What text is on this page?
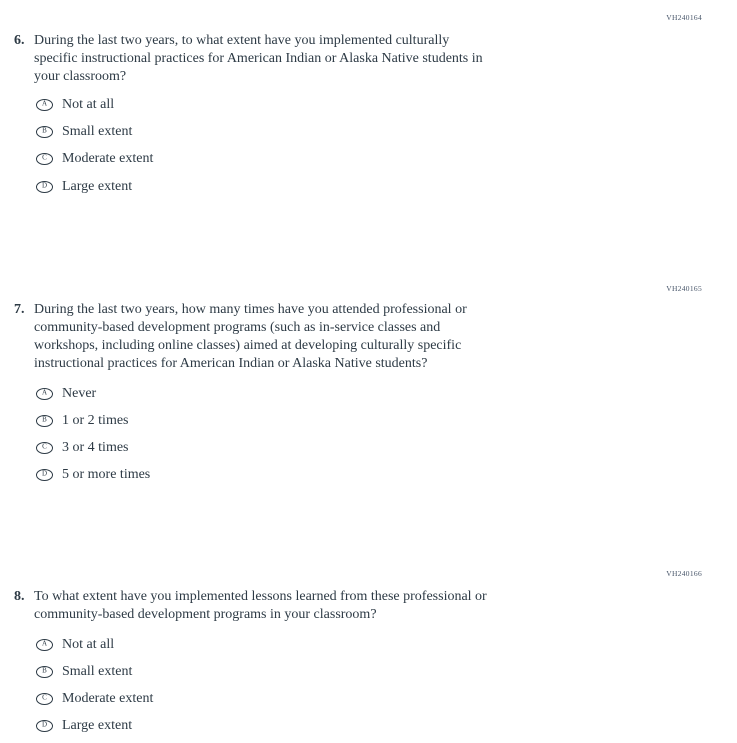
VH240164
6. During the last two years, to what extent have you implemented culturally
specific instructional practices for American Indian or Alaska Native students in
your classroom?
A Not at all
B Small extent
C Moderate extent
D Large extent
VH240165
7. During the last two years, how many times have you attended professional or
community-based development programs (such as in-service classes and
workshops, including online classes) aimed at developing culturally specific
instructional practices for American Indian or Alaska Native students?
A Never
B 1 or 2 times
C 3 or 4 times
D 5 or more times
VH240166
8. To what extent have you implemented lessons learned from these professional or
community-based development programs in your classroom?
A Not at all
B Small extent
C Moderate extent
D Large extent
